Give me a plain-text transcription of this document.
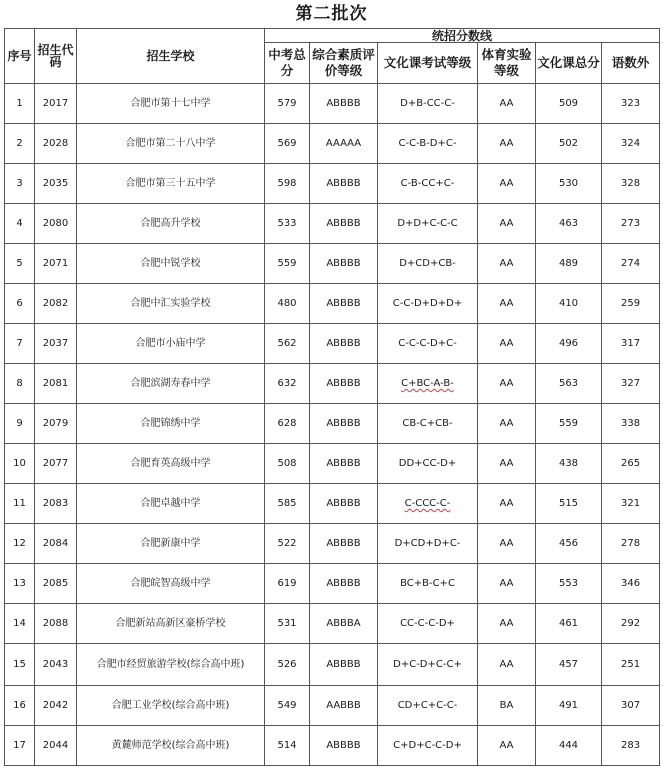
第二批次
序号	招生代码	招生学校	统招分数线					
			中考总分	综合素质评价等级	文化课考试等级	体育实验等级	文化课总分	语数外
1	2017	合肥市第十七中学	579	ABBBB	D+B-CC-C-	AA	509	323
2	2028	合肥市第二十八中学	569	AAAAA	C-C-B-D+C-	AA	502	324
3	2035	合肥市第三十五中学	598	ABBBB	C-B-CC+C-	AA	530	328
4	2080	合肥高升学校	533	ABBBB	D+D+C-C-C	AA	463	273
5	2071	合肥中锐学校	559	ABBBB	D+CD+CB-	AA	489	274
6	2082	合肥中汇实验学校	480	ABBBB	C-C-D+D+D+	AA	410	259
7	2037	合肥市小庙中学	562	ABBBB	C-C-C-D+C-	AA	496	317
8	2081	合肥滨湖寿春中学	632	ABBBB	C+BC-A-B-	AA	563	327
9	2079	合肥锦绣中学	628	ABBBB	CB-C+CB-	AA	559	338
10	2077	合肥育英高级中学	508	ABBBB	DD+CC-D+	AA	438	265
11	2083	合肥卓越中学	585	ABBBB	C-CCC-C-	AA	515	321
12	2084	合肥新康中学	522	ABBBB	D+CD+D+C-	AA	456	278
13	2085	合肥皖智高级中学	619	ABBBB	BC+B-C+C	AA	553	346
14	2088	合肥新站高新区豪桥学校	531	ABBBA	CC-C-C-D+	AA	461	292
15	2043	合肥市经贸旅游学校(综合高中班)	526	ABBBB	D+C-D+C-C+	AA	457	251
16	2042	合肥工业学校(综合高中班)	549	AABBB	CD+C+C-C-	BA	491	307
17	2044	黄麓师范学校(综合高中班)	514	ABBBB	C+D+C-C-D+	AA	444	283
